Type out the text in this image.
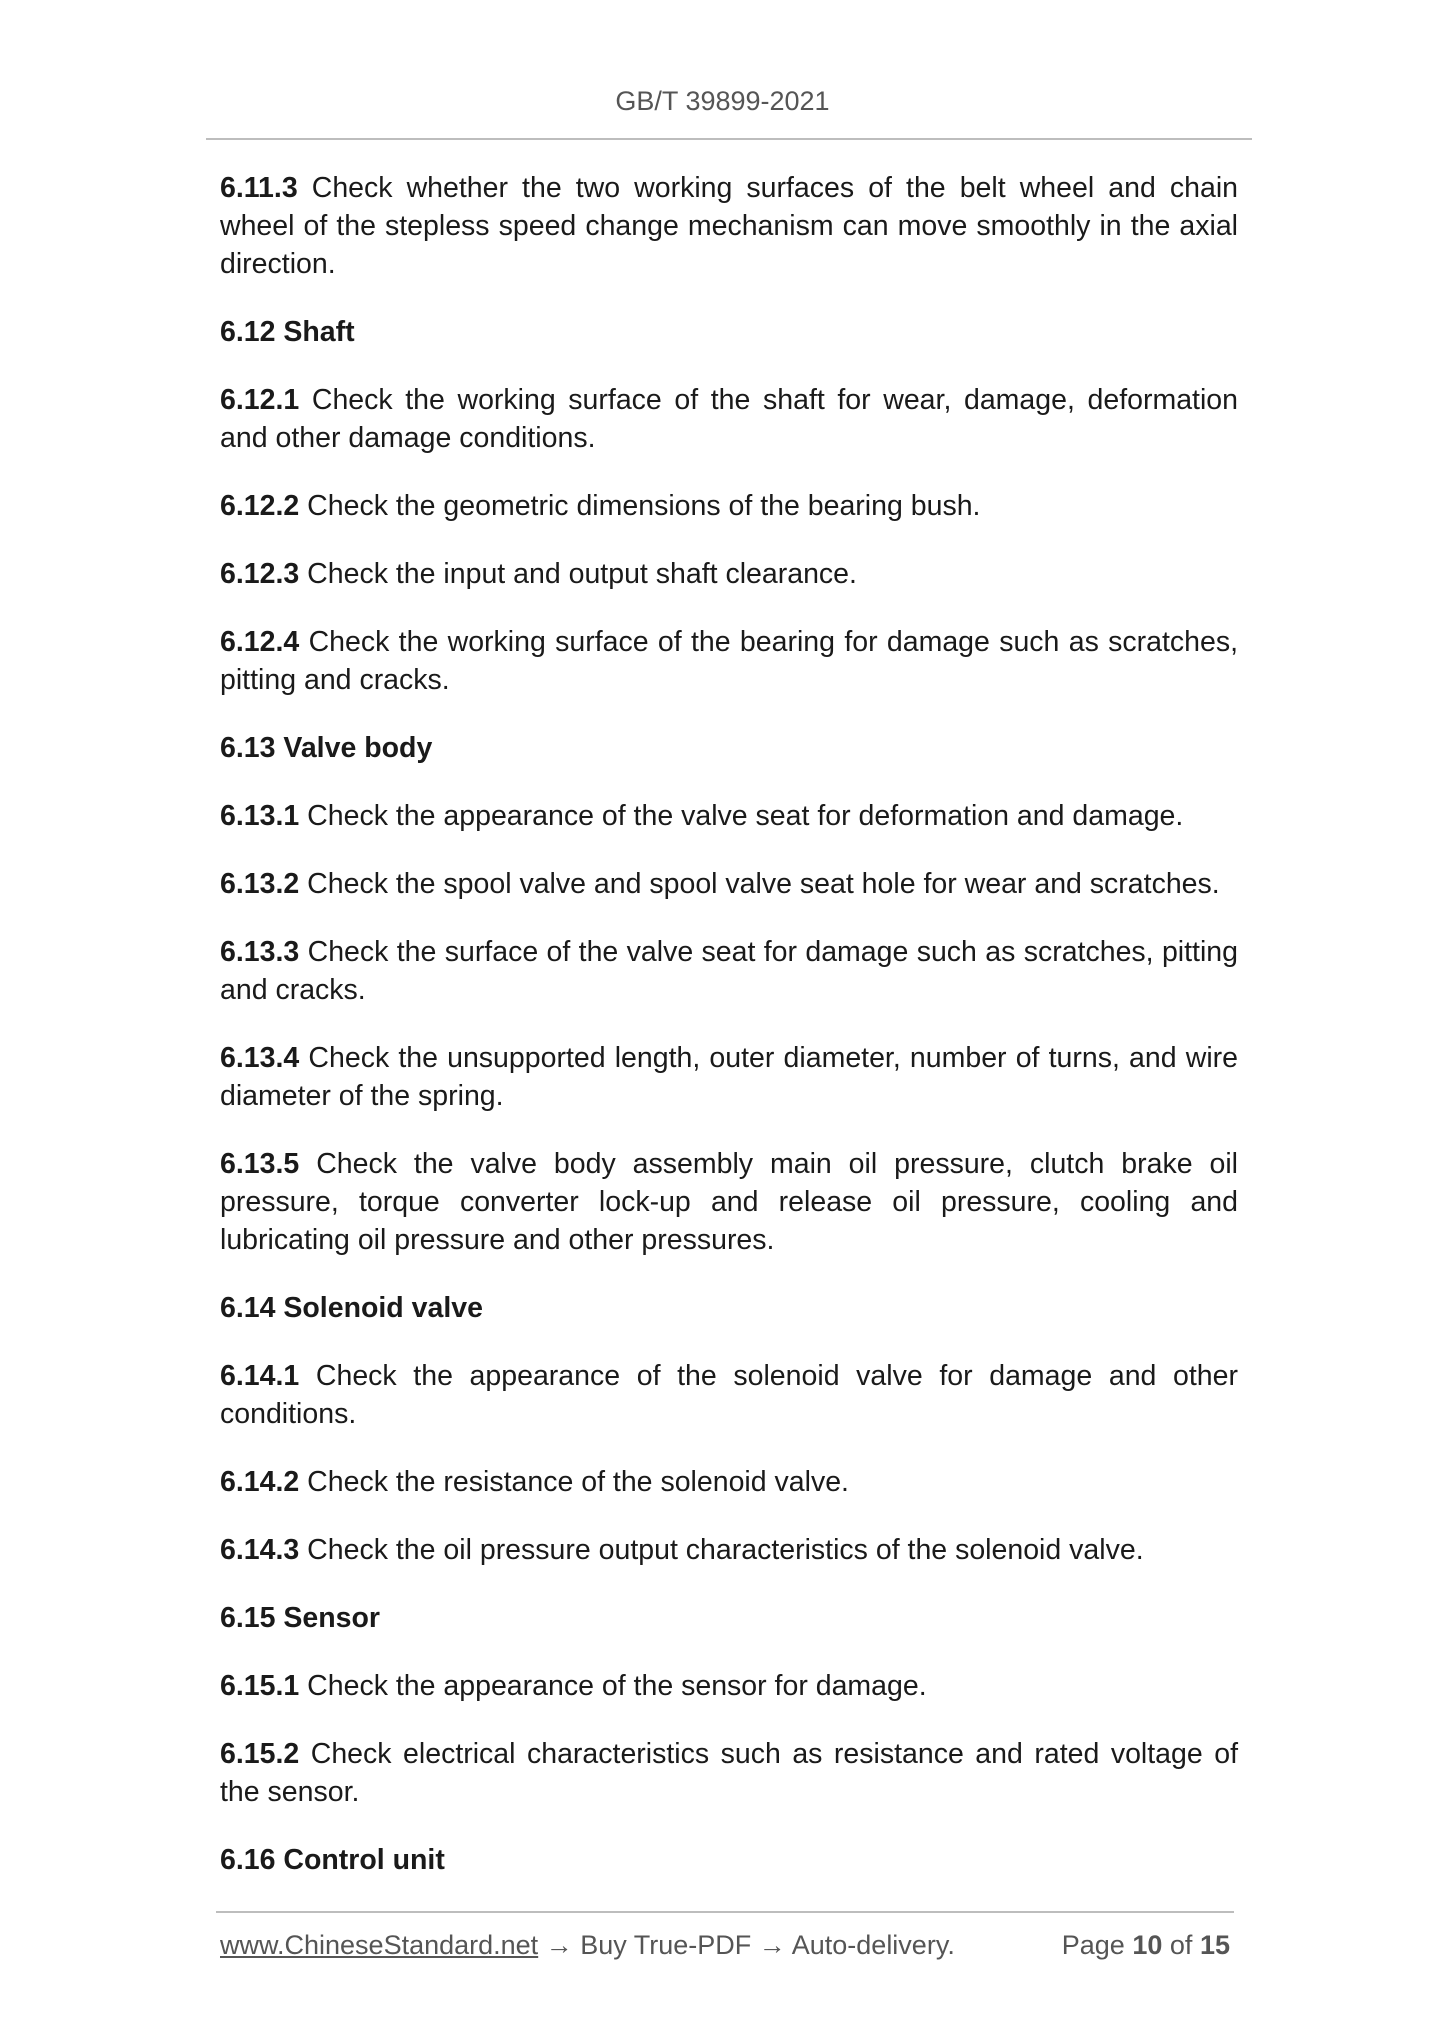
GB/T 39899-2021

6.11.3 Check whether the two working surfaces of the belt wheel and chain wheel of the stepless speed change mechanism can move smoothly in the axial direction.

6.12 Shaft

6.12.1 Check the working surface of the shaft for wear, damage, deformation and other damage conditions.

6.12.2 Check the geometric dimensions of the bearing bush.

6.12.3 Check the input and output shaft clearance.

6.12.4 Check the working surface of the bearing for damage such as scratches, pitting and cracks.

6.13 Valve body

6.13.1 Check the appearance of the valve seat for deformation and damage.

6.13.2 Check the spool valve and spool valve seat hole for wear and scratches.

6.13.3 Check the surface of the valve seat for damage such as scratches, pitting and cracks.

6.13.4 Check the unsupported length, outer diameter, number of turns, and wire diameter of the spring.

6.13.5 Check the valve body assembly main oil pressure, clutch brake oil pressure, torque converter lock-up and release oil pressure, cooling and lubricating oil pressure and other pressures.

6.14 Solenoid valve

6.14.1 Check the appearance of the solenoid valve for damage and other conditions.

6.14.2 Check the resistance of the solenoid valve.

6.14.3 Check the oil pressure output characteristics of the solenoid valve.

6.15 Sensor

6.15.1 Check the appearance of the sensor for damage.

6.15.2 Check electrical characteristics such as resistance and rated voltage of the sensor.

6.16 Control unit
www.ChineseStandard.net → Buy True-PDF → Auto-delivery.	Page 10 of 15
